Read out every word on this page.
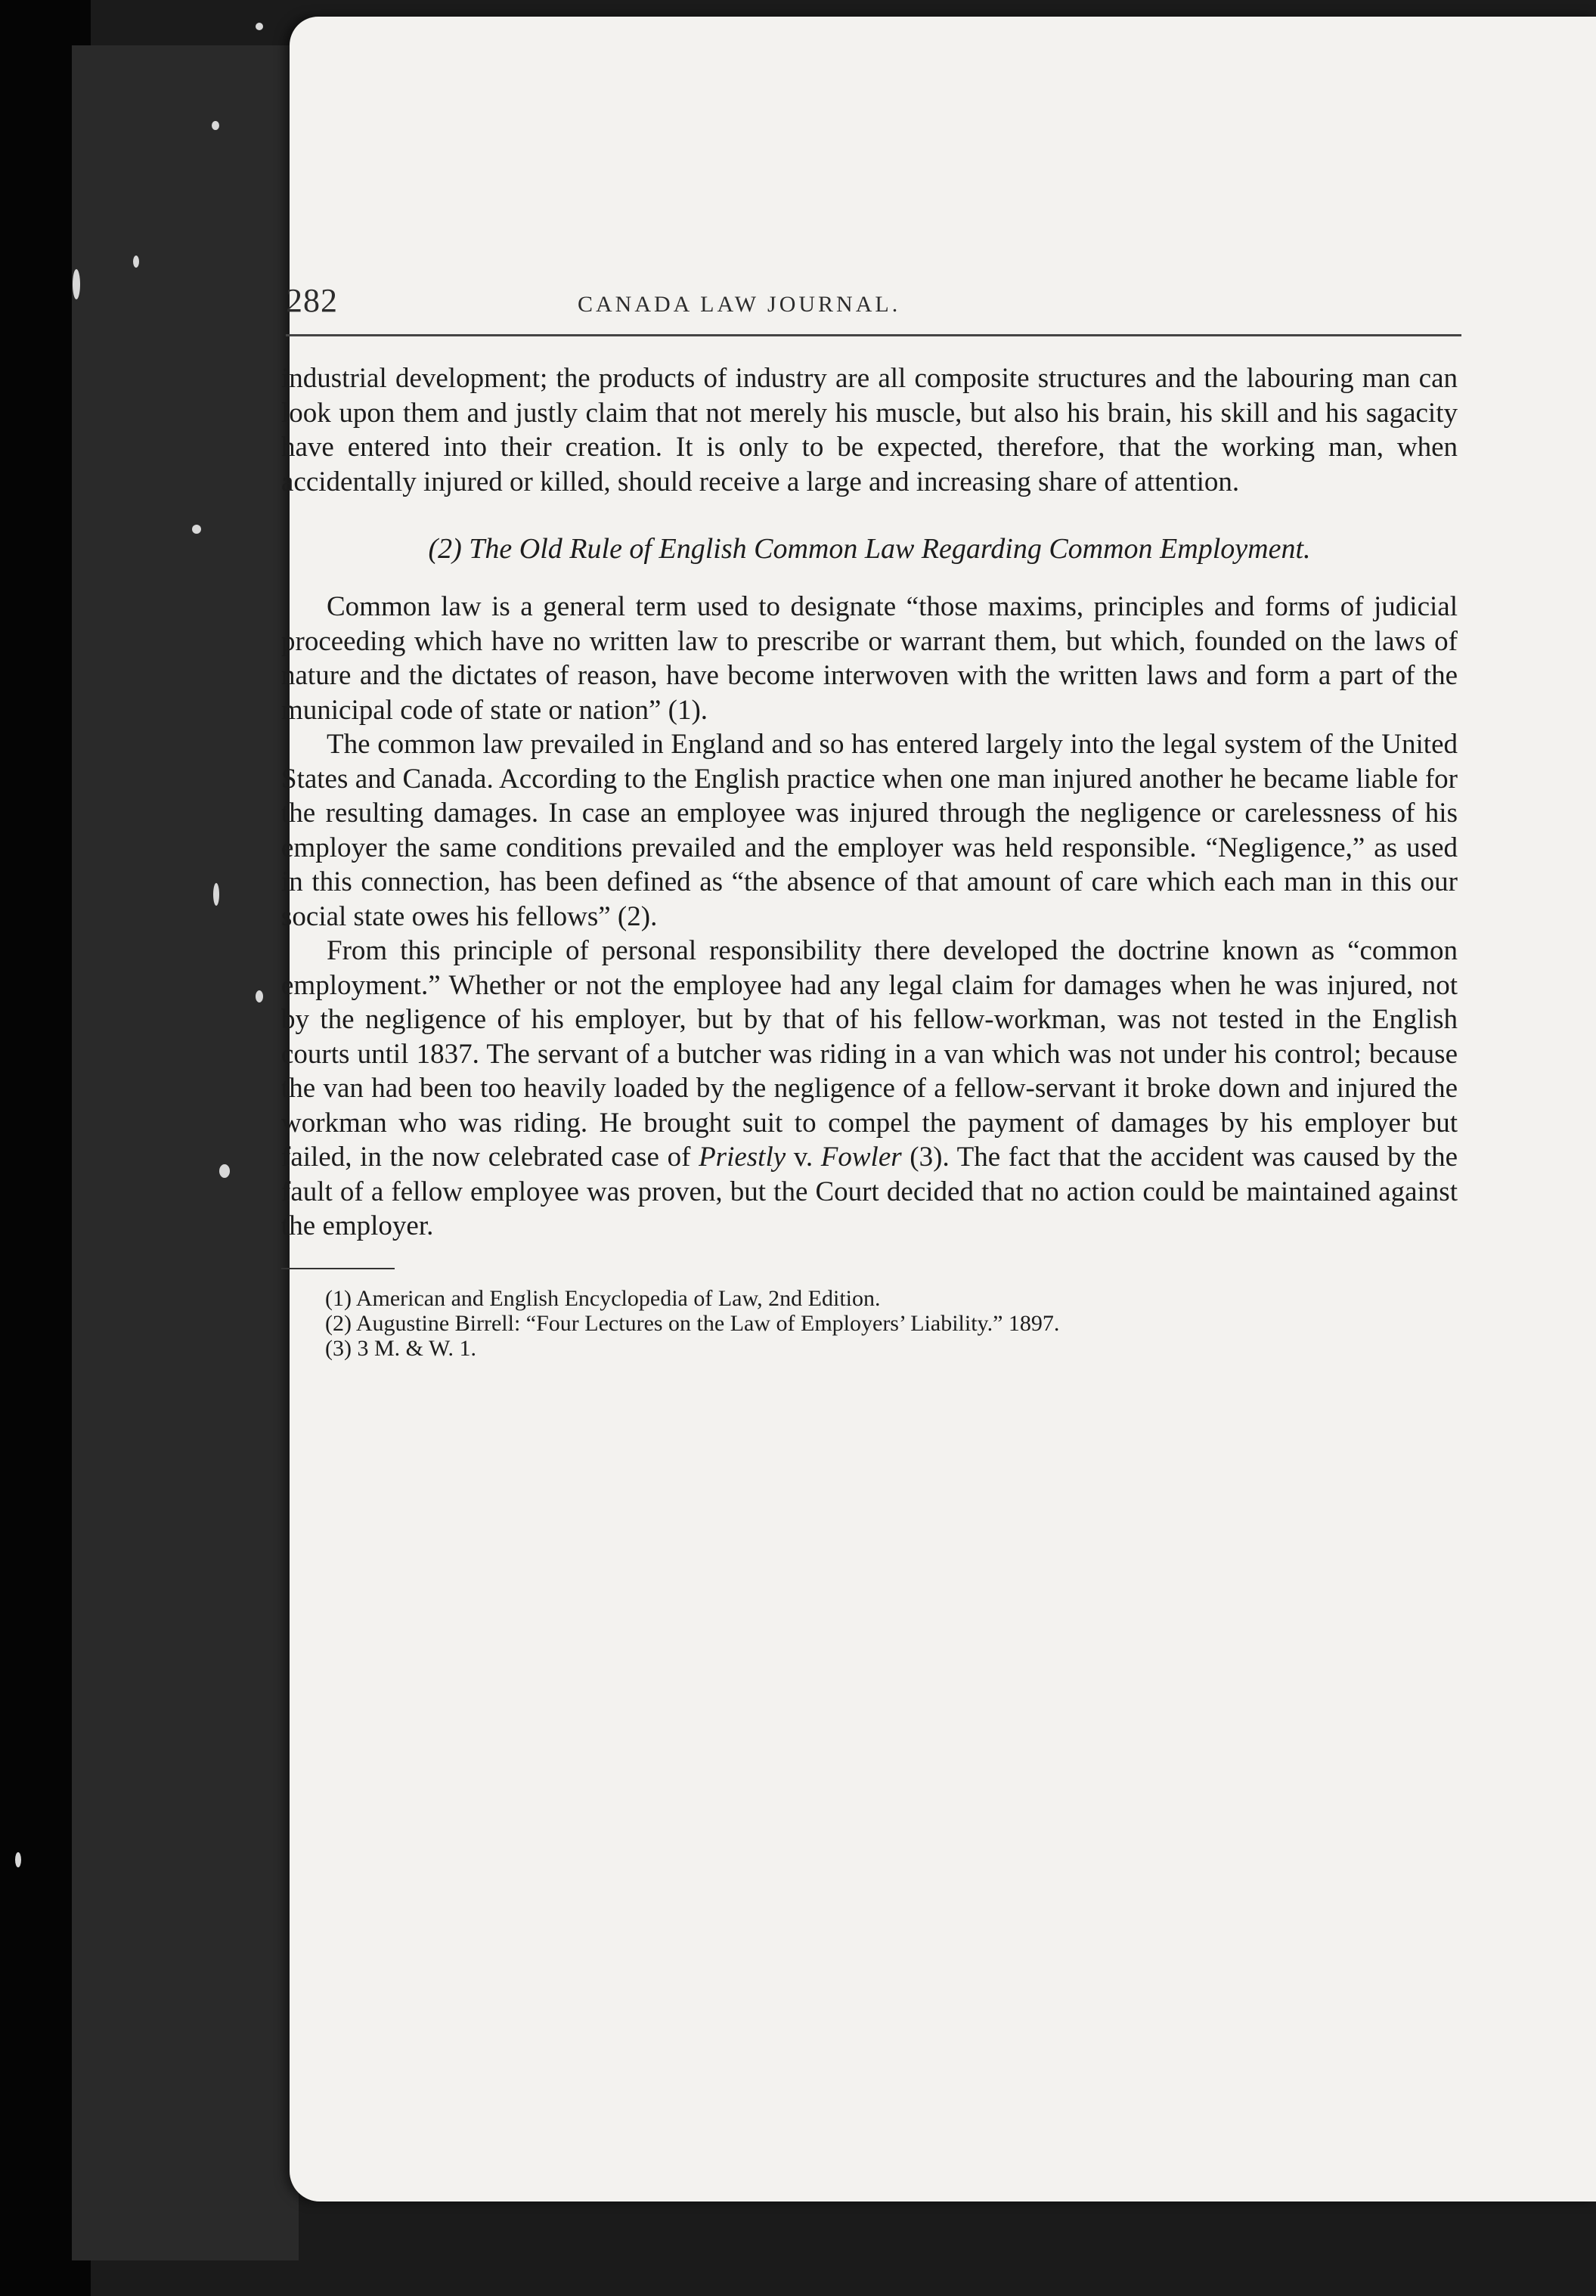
282	CANADA LAW JOURNAL.

industrial development; the products of industry are all composite structures and the labouring man can look upon them and justly claim that not merely his muscle, but also his brain, his skill and his sagacity have entered into their creation. It is only to be expected, therefore, that the working man, when accidentally injured or killed, should receive a large and increasing share of attention.

(2) The Old Rule of English Common Law Regarding Common Employment.

Common law is a general term used to designate “those maxims, principles and forms of judicial proceeding which have no written law to prescribe or warrant them, but which, founded on the laws of nature and the dictates of reason, have become interwoven with the written laws and form a part of the municipal code of state or nation” (1).

The common law prevailed in England and so has entered largely into the legal system of the United States and Canada. According to the English practice when one man injured another he became liable for the resulting damages. In case an employee was injured through the negligence or carelessness of his employer the same conditions prevailed and the employer was held responsible. “Negligence,” as used in this connection, has been defined as “the absence of that amount of care which each man in this our social state owes his fellows” (2).

From this principle of personal responsibility there developed the doctrine known as “common employment.” Whether or not the employee had any legal claim for damages when he was injured, not by the negligence of his employer, but by that of his fellow-workman, was not tested in the English courts until 1837. The servant of a butcher was riding in a van which was not under his control; because the van had been too heavily loaded by the negligence of a fellow-servant it broke down and injured the workman who was riding. He brought suit to compel the payment of damages by his employer but failed, in the now celebrated case of Priestly v. Fowler (3). The fact that the accident was caused by the fault of a fellow employee was proven, but the Court decided that no action could be maintained against the employer.

(1) American and English Encyclopedia of Law, 2nd Edition.

(2) Augustine Birrell: “Four Lectures on the Law of Employers’ Liability.” 1897.

(3) 3 M. & W. 1.
